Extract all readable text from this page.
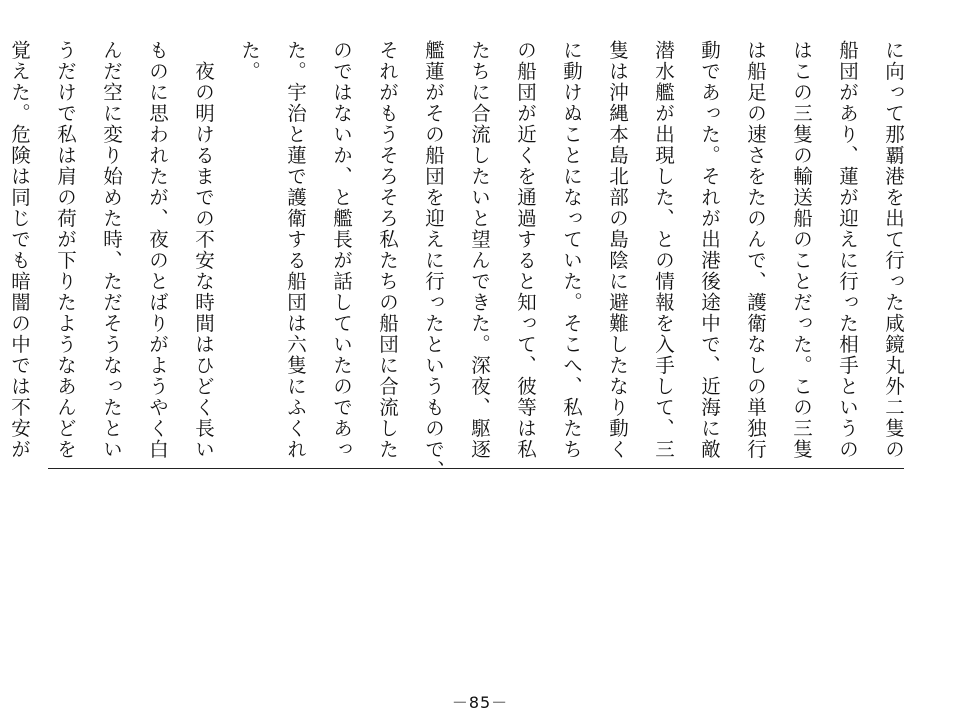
に向って那覇港を出て行った咸鏡丸外二隻の
船団があり、蓮が迎えに行った相手というの
はこの三隻の輸送船のことだった。この三隻
は船足の速さをたのんで、護衛なしの単独行
動であった。それが出港後途中で、近海に敵
潜水艦が出現した、との情報を入手して、三
隻は沖縄本島北部の島陰に避難したなり動く
に動けぬことになっていた。そこへ、私たち
の船団が近くを通過すると知って、彼等は私
たちに合流したいと望んできた。深夜、駆逐
艦蓮がその船団を迎えに行ったというもので、
それがもうそろそろ私たちの船団に合流した
のではないか、と艦長が話していたのであっ
た。宇治と蓮で護衛する船団は六隻にふくれ
た。
　夜の明けるまでの不安な時間はひどく長い
ものに思われたが、夜のとばりがようやく白
んだ空に変り始めた時、ただそうなったとい
うだけで私は肩の荷が下りたようなあんどを
覚えた。危険は同じでも暗闇の中では不安が
－85－
